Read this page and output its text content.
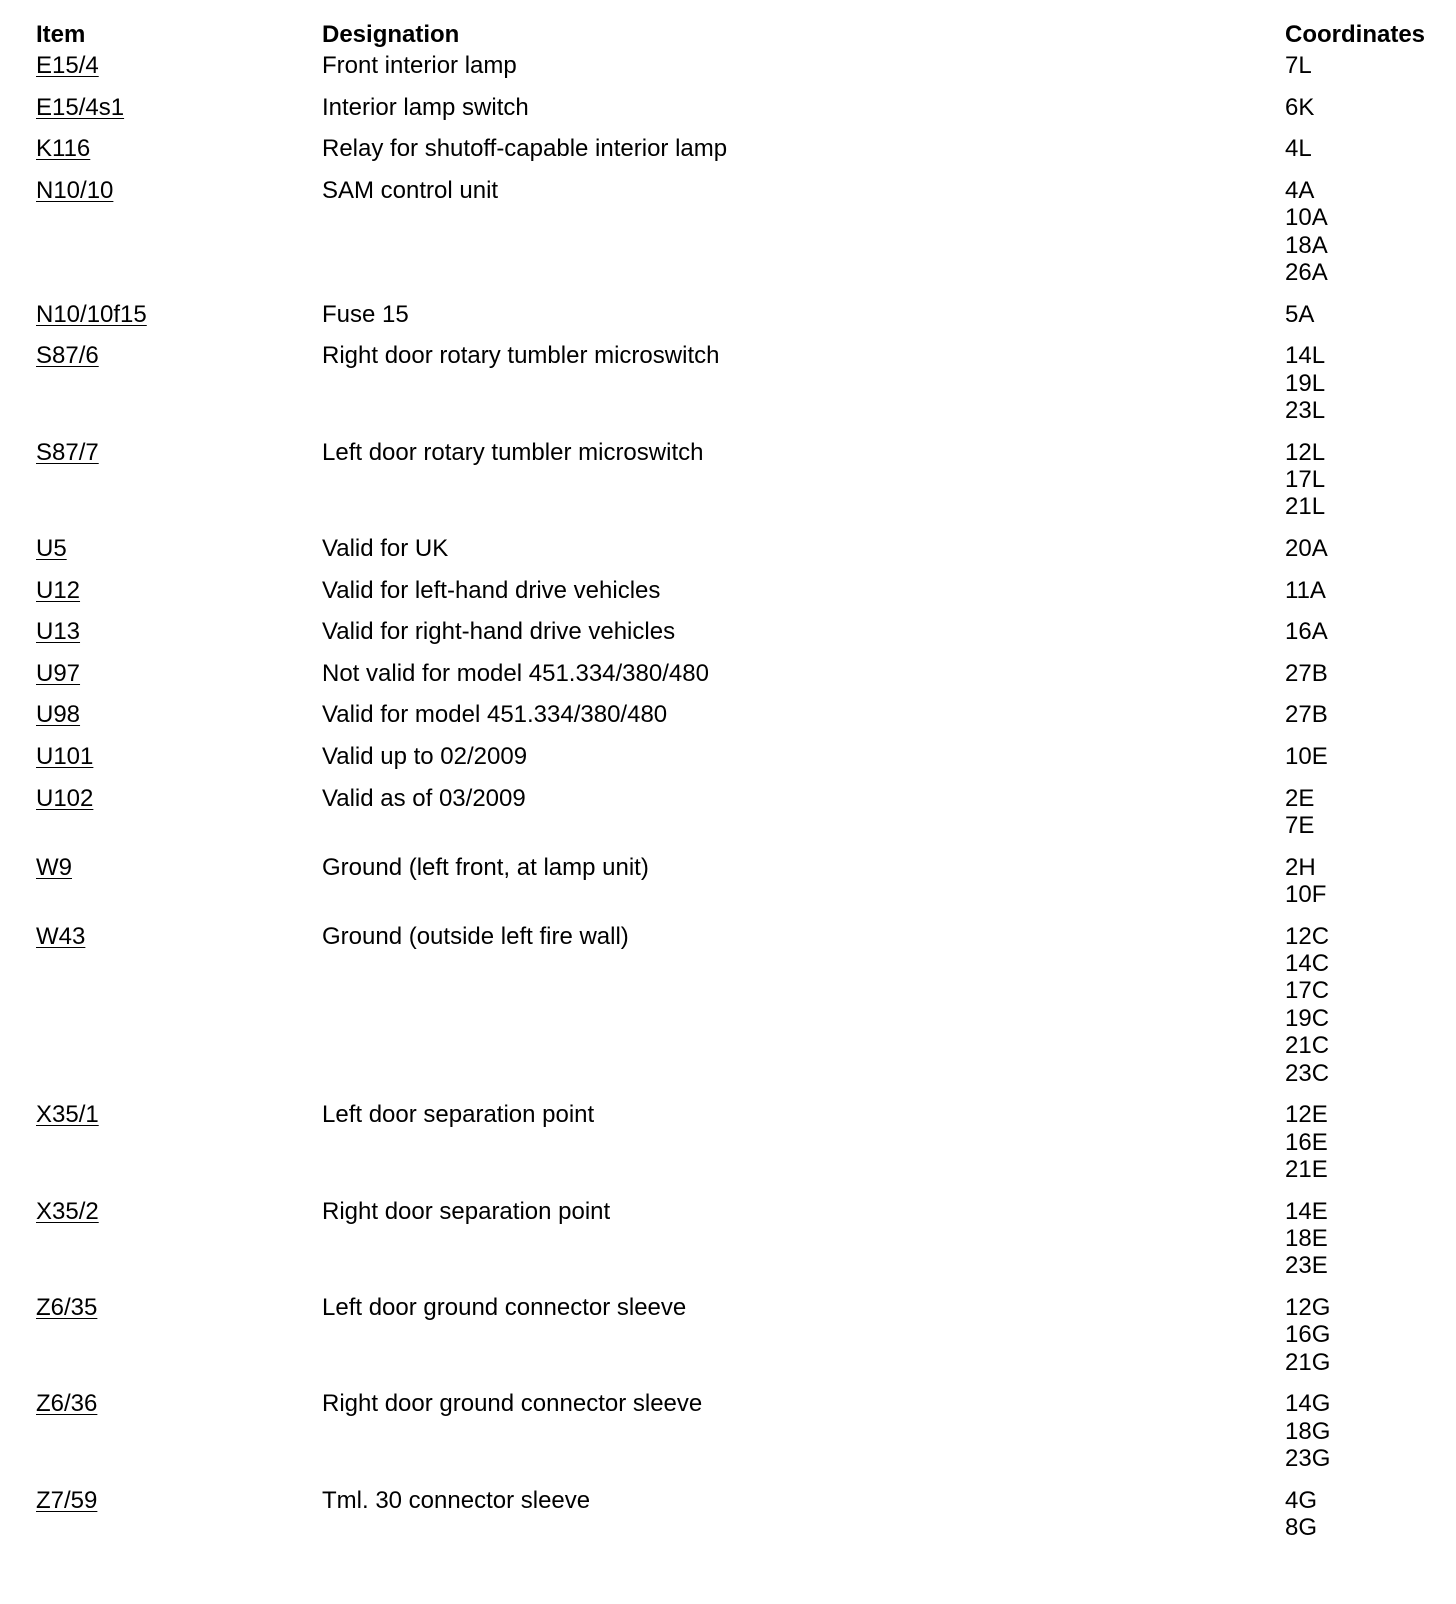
Item	Designation	Coordinates
E15/4	Front interior lamp	7L
E15/4s1	Interior lamp switch	6K
K116	Relay for shutoff-capable interior lamp	4L
N10/10	SAM control unit	4A
10A
18A
26A
N10/10f15	Fuse 15	5A
S87/6	Right door rotary tumbler microswitch	14L
19L
23L
S87/7	Left door rotary tumbler microswitch	12L
17L
21L
U5	Valid for UK	20A
U12	Valid for left-hand drive vehicles	11A
U13	Valid for right-hand drive vehicles	16A
U97	Not valid for model 451.334/380/480	27B
U98	Valid for model 451.334/380/480	27B
U101	Valid up to 02/2009	10E
U102	Valid as of 03/2009	2E
7E
W9	Ground (left front, at lamp unit)	2H
10F
W43	Ground (outside left fire wall)	12C
14C
17C
19C
21C
23C
X35/1	Left door separation point	12E
16E
21E
X35/2	Right door separation point	14E
18E
23E
Z6/35	Left door ground connector sleeve	12G
16G
21G
Z6/36	Right door ground connector sleeve	14G
18G
23G
Z7/59	Tml. 30 connector sleeve	4G
8G
